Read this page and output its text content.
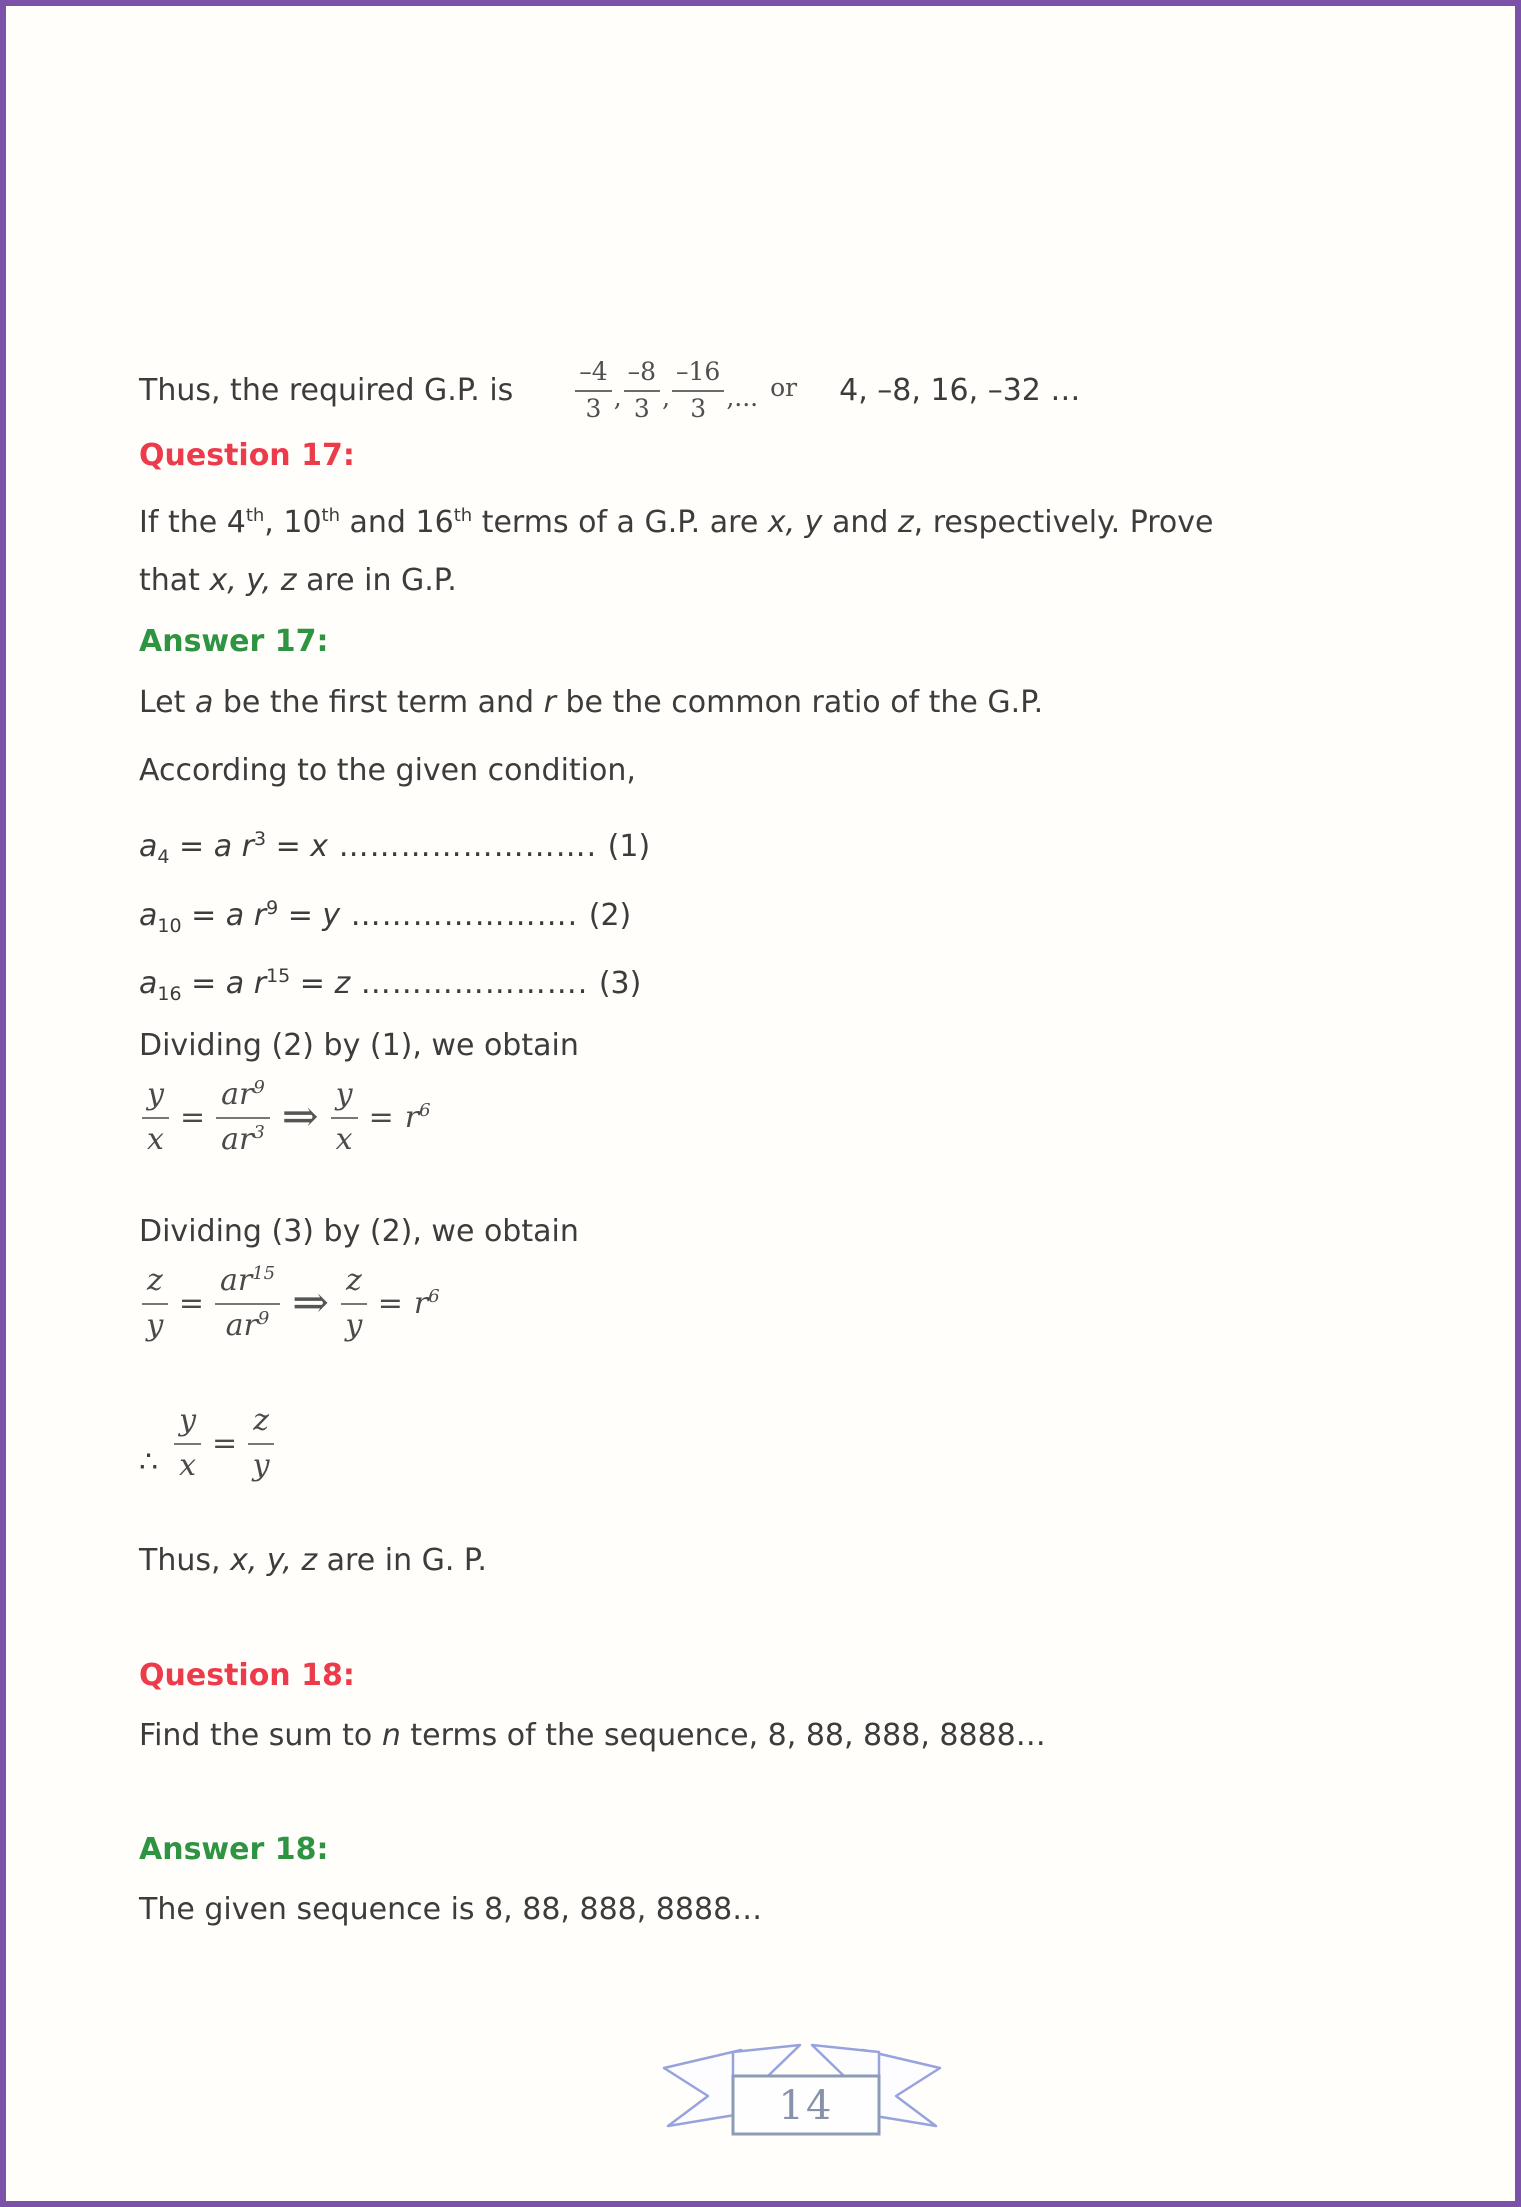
Thus, the required G.P. is $\frac{-4}{3}$ , $\frac{-8}{3}$ , $\frac{-16}{3}$ ,... or 4, –8, 16, –32 …
Question 17:
If the 4th, 10th and 16th terms of a G.P. are x, y and z, respectively. Prove
that x, y, z are in G.P.
Answer 17:
Let a be the first term and r be the common ratio of the G.P.
According to the given condition,
$a_4 = a$ $r^3 = x$ ……………………. (1)
$a_{10} = a$ $r^9 = y$ …………………. (2)
$a_{16} = a$ $r^{15} = z$ …………………. (3)
Dividing (2) by (1), we obtain
$\frac{y}{x} = \frac{ar^9}{ar^3}$ ⇒ $\frac{y}{x} = r^6$
Dividing (3) by (2), we obtain
$\frac{z}{y} = \frac{ar^{15}}{ar^9}$ ⇒ $\frac{z}{y} = r^6$
∴ $\frac{y}{x} = \frac{z}{y}$
Thus, x, y, z are in G. P.
Question 18:
Find the sum to n terms of the sequence, 8, 88, 888, 8888…
Answer 18:
The given sequence is 8, 88, 888, 8888…
14
